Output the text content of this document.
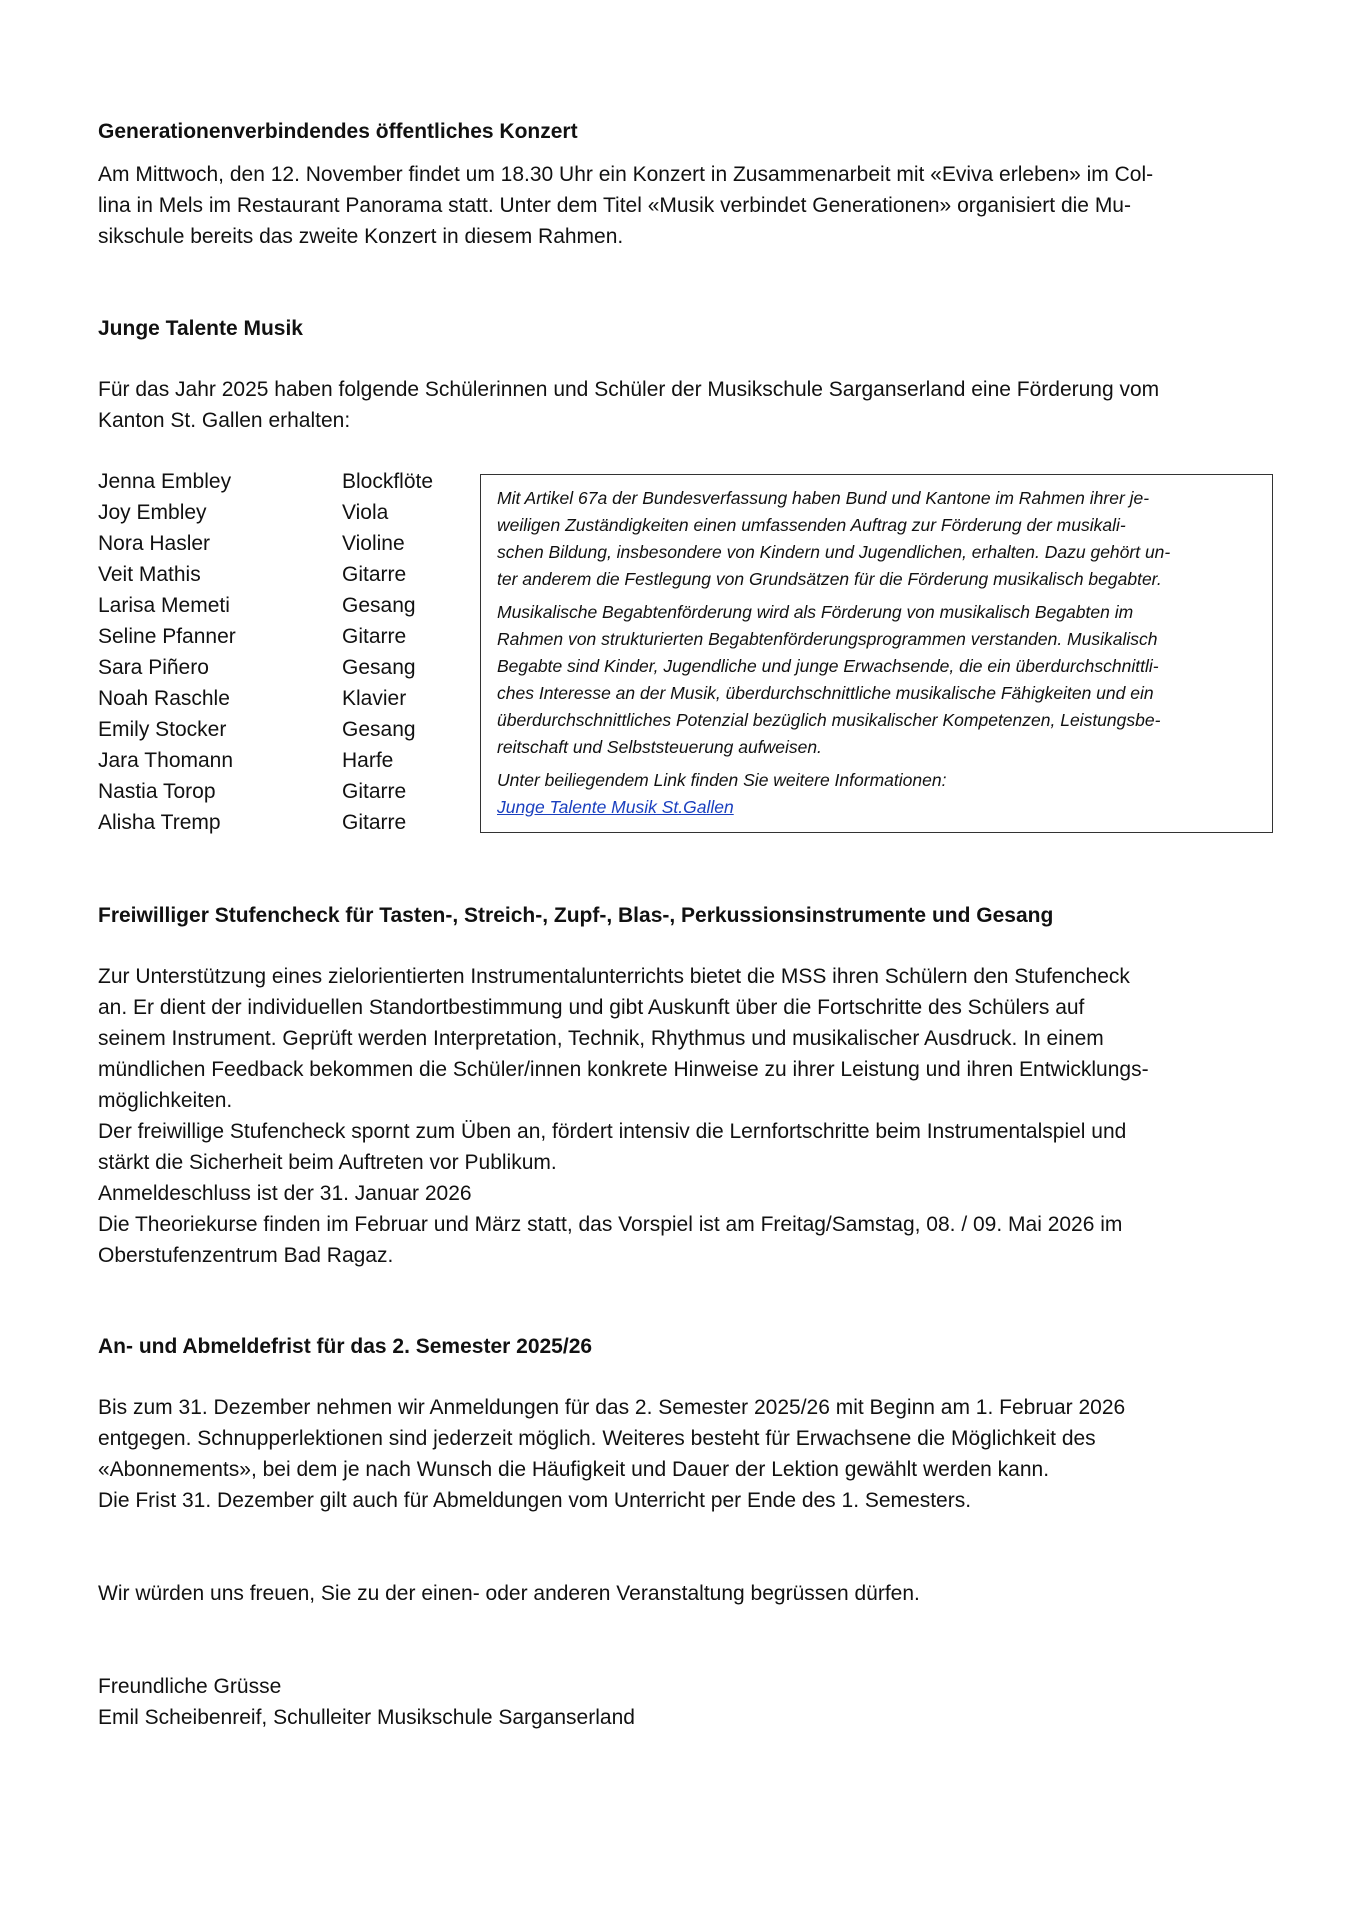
Generationenverbindendes öffentliches Konzert

Am Mittwoch, den 12. November findet um 18.30 Uhr ein Konzert in Zusammenarbeit mit «Eviva erleben» im Col-

lina in Mels im Restaurant Panorama statt. Unter dem Titel «Musik verbindet Generationen» organisiert die Mu-

sikschule bereits das zweite Konzert in diesem Rahmen.

Junge Talente Musik

Für das Jahr 2025 haben folgende Schülerinnen und Schüler der Musikschule Sarganserland eine Förderung vom

Kanton St. Gallen erhalten:

Jenna Embley	Blockflöte
Joy Embley	Viola
Nora Hasler	Violine
Veit Mathis	Gitarre
Larisa Memeti	Gesang
Seline Pfanner	Gitarre
Sara Piñero	Gesang
Noah Raschle	Klavier
Emily Stocker	Gesang
Jara Thomann	Harfe
Nastia Torop	Gitarre
Alisha Tremp	Gitarre

Mit Artikel 67a der Bundesverfassung haben Bund und Kantone im Rahmen ihrer je-

weiligen Zuständigkeiten einen umfassenden Auftrag zur Förderung der musikali-

schen Bildung, insbesondere von Kindern und Jugendlichen, erhalten. Dazu gehört un-

ter anderem die Festlegung von Grundsätzen für die Förderung musikalisch begabter.

Musikalische Begabtenförderung wird als Förderung von musikalisch Begabten im

Rahmen von strukturierten Begabtenförderungsprogrammen verstanden. Musikalisch

Begabte sind Kinder, Jugendliche und junge Erwachsende, die ein überdurchschnittli-

ches Interesse an der Musik, überdurchschnittliche musikalische Fähigkeiten und ein

überdurchschnittliches Potenzial bezüglich musikalischer Kompetenzen, Leistungsbe-

reitschaft und Selbststeuerung aufweisen.

Unter beiliegendem Link finden Sie weitere Informationen:

Junge Talente Musik St.Gallen

Freiwilliger Stufencheck für Tasten-, Streich-, Zupf-, Blas-, Perkussionsinstrumente und Gesang

Zur Unterstützung eines zielorientierten Instrumentalunterrichts bietet die MSS ihren Schülern den Stufencheck

an. Er dient der individuellen Standortbestimmung und gibt Auskunft über die Fortschritte des Schülers auf

seinem Instrument. Geprüft werden Interpretation, Technik, Rhythmus und musikalischer Ausdruck. In einem

mündlichen Feedback bekommen die Schüler/innen konkrete Hinweise zu ihrer Leistung und ihren Entwicklungs-

möglichkeiten.

Der freiwillige Stufencheck spornt zum Üben an, fördert intensiv die Lernfortschritte beim Instrumentalspiel und

stärkt die Sicherheit beim Auftreten vor Publikum.

Anmeldeschluss ist der 31. Januar 2026

Die Theoriekurse finden im Februar und März statt, das Vorspiel ist am Freitag/Samstag, 08. / 09. Mai 2026 im

Oberstufenzentrum Bad Ragaz.

An- und Abmeldefrist für das 2. Semester 2025/26

Bis zum 31. Dezember nehmen wir Anmeldungen für das 2. Semester 2025/26 mit Beginn am 1. Februar 2026

entgegen. Schnupperlektionen sind jederzeit möglich. Weiteres besteht für Erwachsene die Möglichkeit des

«Abonnements», bei dem je nach Wunsch die Häufigkeit und Dauer der Lektion gewählt werden kann.

Die Frist 31. Dezember gilt auch für Abmeldungen vom Unterricht per Ende des 1. Semesters.

Wir würden uns freuen, Sie zu der einen- oder anderen Veranstaltung begrüssen dürfen.

Freundliche Grüsse

Emil Scheibenreif, Schulleiter Musikschule Sarganserland
